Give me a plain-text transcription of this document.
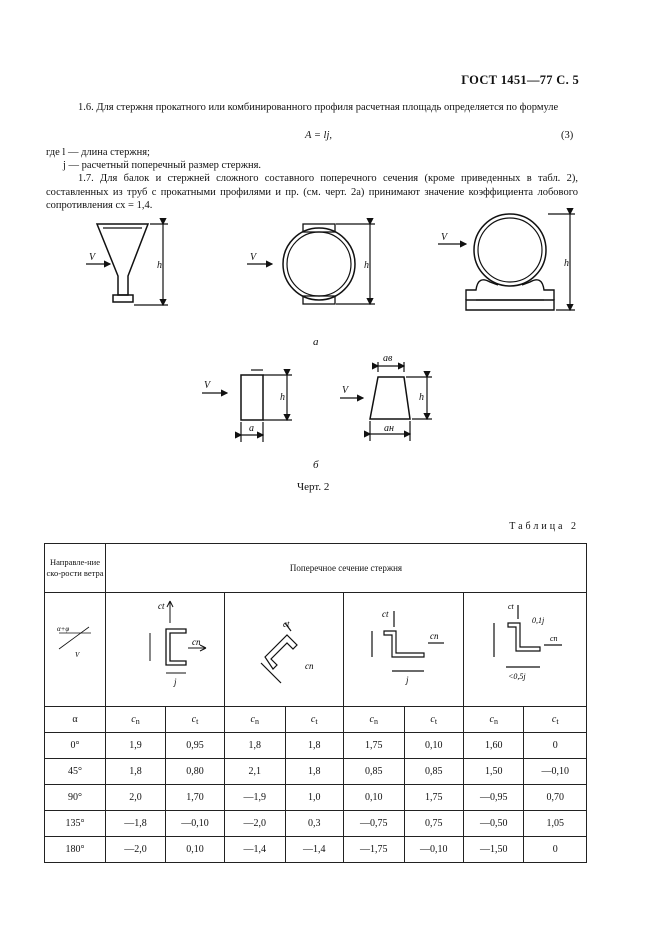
ГОСТ 1451—77 С. 5
1.6. Для стержня прокатного или комбинированного профиля расчетная площадь определяется по формуле
A = lj,	(3)
где l — длина стержня;
j — расчетный поперечный размер стержня.
1.7. Для балок и стержней сложного составного поперечного сечения (кроме приведенных в табл. 2), составленных из труб с прокатными профилями и пр. (см. черт. 2а) принимают значение коэффициента лобового сопротивления cx = 1,4.
V
h
V
h
V
h
V
h
a
V
h
aв
aн
а
б
Черт. 2
Таблица 2
Направле-ние ско-рости ветра	Поперечное сечение стержня							

α+φ
V	ct
cn
j		ct
cn		ct
cn
j		ct
cn
0,1j
<0,5j	

α	$c_n$	$c_t$	$c_n$	$c_t$	$c_n$	$c_t$	$c_n$	$c_t$
0°	1,9	0,95	1,8	1,8	1,75	0,10	1,60	0
45°	1,8	0,80	2,1	1,8	0,85	0,85	1,50	—0,10
90°	2,0	1,70	—1,9	1,0	0,10	1,75	—0,95	0,70
135°	—1,8	—0,10	—2,0	0,3	—0,75	0,75	—0,50	1,05
180°	—2,0	0,10	—1,4	—1,4	—1,75	—0,10	—1,50	0
